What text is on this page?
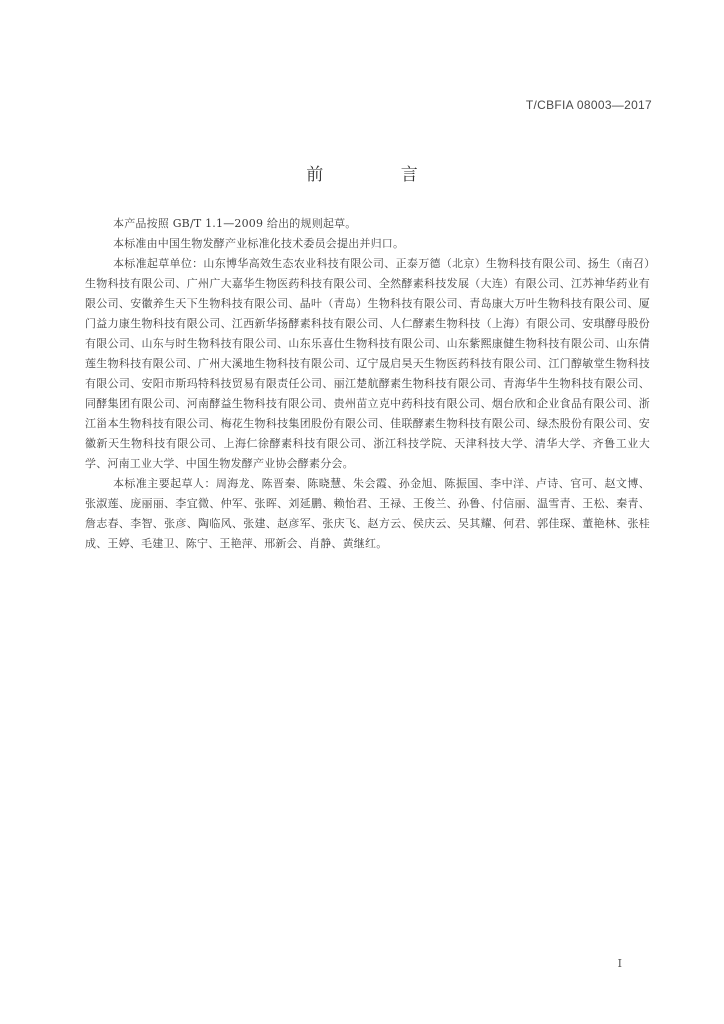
T/CBFIA 08003—2017
前 言

本产品按照 GB/T 1.1—2009 给出的规则起草。

本标准由中国生物发酵产业标准化技术委员会提出并归口。

本标准起草单位：山东博华高效生态农业科技有限公司、正泰万德（北京）生物科技有限公司、扬生（南召）生物科技有限公司、广州广大嘉华生物医药科技有限公司、全然酵素科技发展（大连）有限公司、江苏神华药业有限公司、安徽养生天下生物科技有限公司、晶叶（青岛）生物科技有限公司、青岛康大万叶生物科技有限公司、厦门益力康生物科技有限公司、江西新华扬酵素科技有限公司、人仁酵素生物科技（上海）有限公司、安琪酵母股份有限公司、山东与时生物科技有限公司、山东乐喜仕生物科技有限公司、山东紫熙康健生物科技有限公司、山东倩莲生物科技有限公司、广州大溪地生物科技有限公司、辽宁晟启昊天生物医药科技有限公司、江门醇敏堂生物科技有限公司、安阳市斯玛特科技贸易有限责任公司、丽江楚航酵素生物科技有限公司、青海华牛生物科技有限公司、同酵集团有限公司、河南酵益生物科技有限公司、贵州苗立克中药科技有限公司、烟台欣和企业食品有限公司、浙江甾本生物科技有限公司、梅花生物科技集团股份有限公司、佳联酵素生物科技有限公司、绿杰股份有限公司、安徽新天生物科技有限公司、上海仁徐酵素科技有限公司、浙江科技学院、天津科技大学、清华大学、齐鲁工业大学、河南工业大学、中国生物发酵产业协会酵素分会。

本标准主要起草人：周海龙、陈晋秦、陈晓慧、朱会霞、孙金旭、陈振国、李中洋、卢诗、官可、赵文博、张淑莲、庞丽丽、李宜微、仲军、张晖、刘延鹏、赖怡君、王禄、王俊兰、孙鲁、付信丽、温雪青、王松、秦青、詹志春、李智、张彦、陶临风、张建、赵彦军、张庆飞、赵方云、侯庆云、吴其耀、何君、郭佳琛、董艳林、张桂成、王婷、毛建卫、陈宁、王艳萍、邢新会、肖静、黄继红。

I
